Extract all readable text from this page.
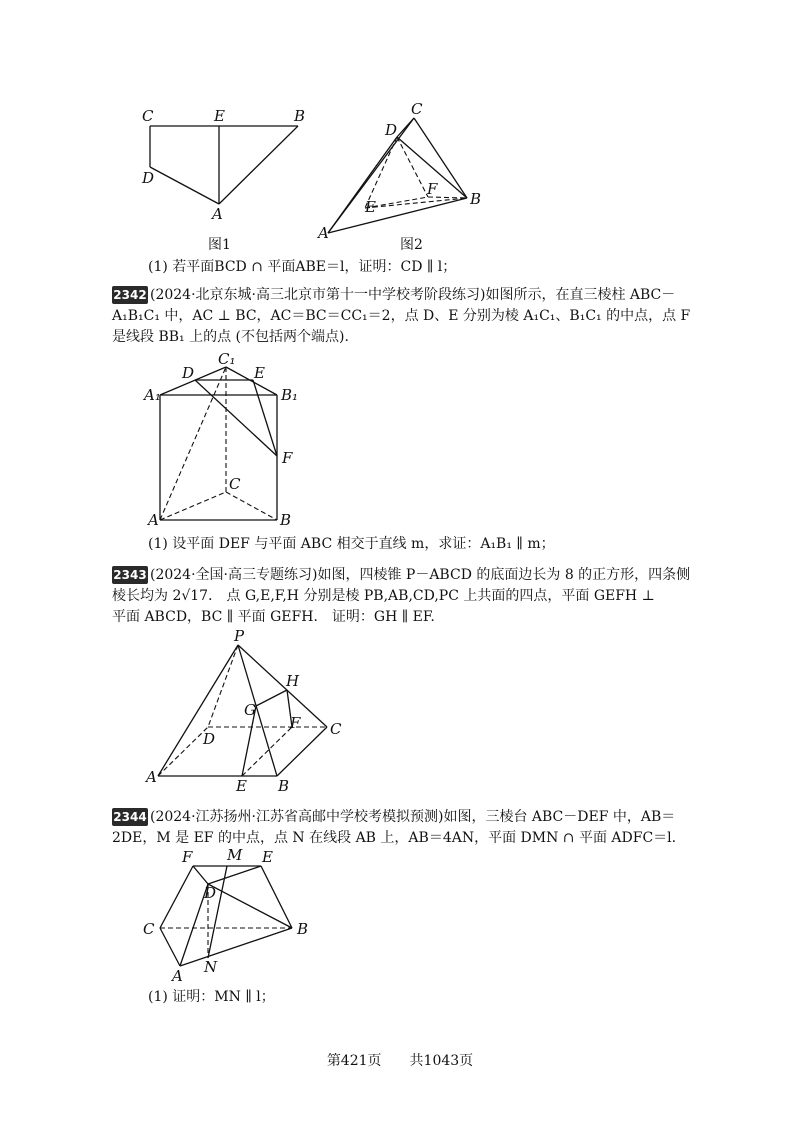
C	E	B
D
A
图1
C
D
F
E	B
A
图2
(1) 若平面BCD ∩ 平面ABE＝l，证明：CD ∥ l；
2342 (2024·北京东城·高三北京市第十一中学校考阶段练习)如图所示，在直三棱柱 ABC－
A₁B₁C₁ 中，AC ⊥ BC，AC＝BC＝CC₁＝2，点 D、E 分别为棱 A₁C₁、B₁C₁ 的中点，点 F
是线段 BB₁ 上的点 (不包括两个端点).
C₁
D	E
A₁	B₁
F
C
A	B
(1) 设平面 DEF 与平面 ABC 相交于直线 m，求证：A₁B₁ ∥ m；
2343 (2024·全国·高三专题练习)如图，四棱锥 P－ABCD 的底面边长为 8 的正方形，四条侧
棱长均为 2√17． 点 G,E,F,H 分别是棱 PB,AB,CD,PC 上共面的四点，平面 GEFH ⊥
平面 ABCD，BC ∥ 平面 GEFH． 证明：GH ∥ EF.
P
H
G
F
D
C
A	E B
2344 (2024·江苏扬州·江苏省高邮中学校考模拟预测)如图，三棱台 ABC－DEF 中，AB＝
2DE，M 是 EF 的中点，点 N 在线段 AB 上，AB＝4AN，平面 DMN ∩ 平面 ADFC＝l.
F M E
D
C	B
N
A
(1) 证明：MN ∥ l；
第421页　　共1043页
